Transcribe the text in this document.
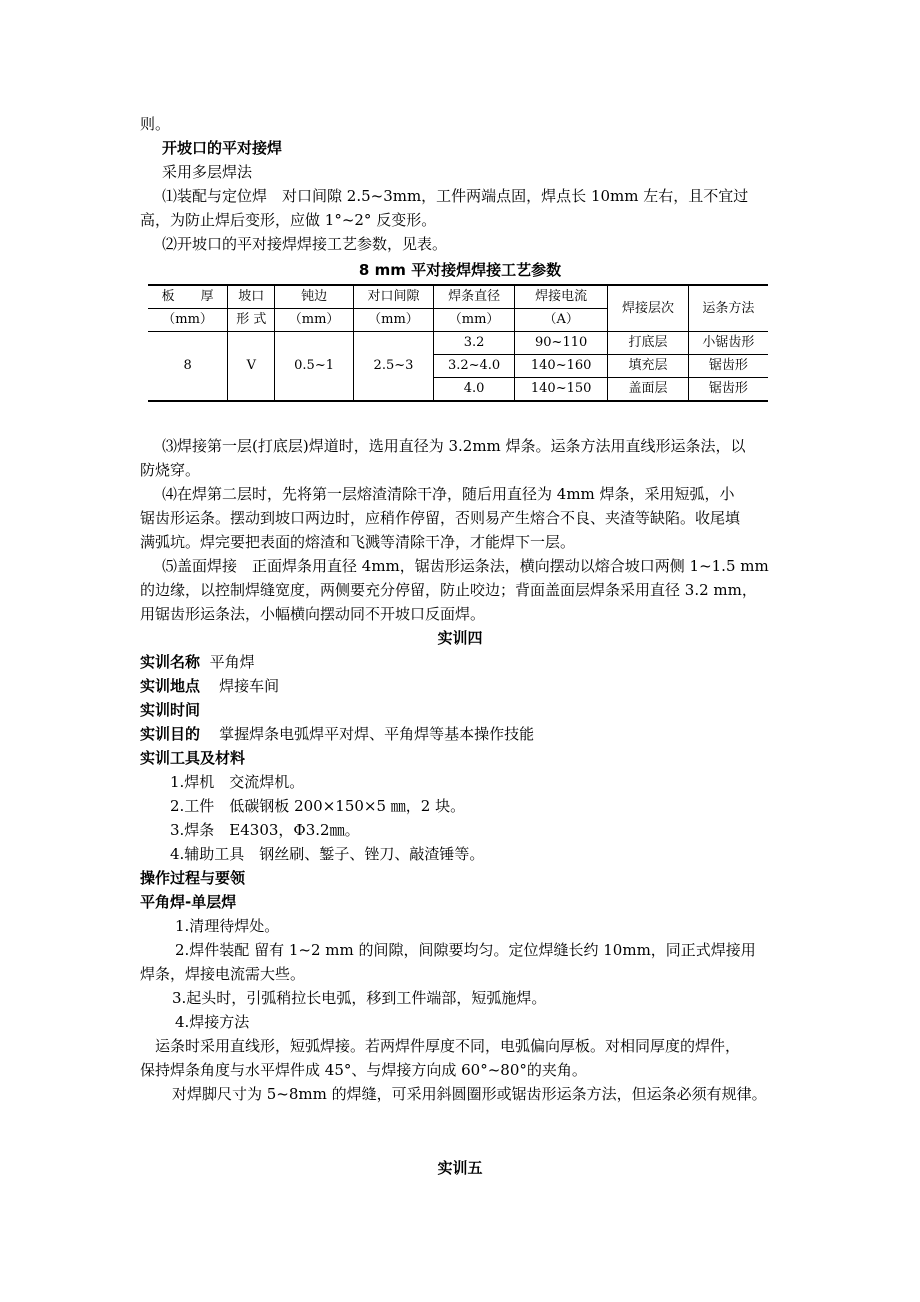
则。
开坡口的平对接焊
采用多层焊法
⑴装配与定位焊　对口间隙 2.5~3mm，工件两端点固，焊点长 10mm 左右，且不宜过
高，为防止焊后变形，应做 1°~2° 反变形。
⑵开坡口的平对接焊焊接工艺参数，见表。
8 mm 平对接焊焊接工艺参数
板　　厚	坡口	钝边	对口间隙	焊条直径	焊接电流	焊接层次	运条方法
（mm）	形 式	（mm）	（mm）	（mm）	（A）		
8	V	0.5~1	2.5~3	3.2	90~110	打底层	小锯齿形
				3.2~4.0	140~160	填充层	锯齿形
				4.0	140~150	盖面层	锯齿形
⑶焊接第一层(打底层)焊道时，选用直径为 3.2mm 焊条。运条方法用直线形运条法，以
防烧穿。
⑷在焊第二层时，先将第一层熔渣清除干净，随后用直径为 4mm 焊条，采用短弧，小
锯齿形运条。摆动到坡口两边时，应稍作停留，否则易产生熔合不良、夹渣等缺陷。收尾填
满弧坑。焊完要把表面的熔渣和飞溅等清除干净，才能焊下一层。
⑸盖面焊接　正面焊条用直径 4mm，锯齿形运条法，横向摆动以熔合坡口两侧 1~1.5 mm
的边缘，以控制焊缝宽度，两侧要充分停留，防止咬边；背面盖面层焊条采用直径 3.2 mm，
用锯齿形运条法，小幅横向摆动同不开坡口反面焊。
实训四
实训名称 平角焊
实训地点 焊接车间
实训时间
实训目的 掌握焊条电弧焊平对焊、平角焊等基本操作技能
实训工具及材料
1.焊机　交流焊机。
2.工件　低碳钢板 200×150×5 ㎜，2 块。
3.焊条　E4303，Φ3.2㎜。
4.辅助工具　钢丝刷、錾子、锉刀、敲渣锤等。
操作过程与要领
平角焊-单层焊
1.清理待焊处。
2.焊件装配 留有 1~2 mm 的间隙，间隙要均匀。定位焊缝长约 10mm，同正式焊接用
焊条，焊接电流需大些。
3.起头时，引弧稍拉长电弧，移到工件端部，短弧施焊。
4.焊接方法
运条时采用直线形，短弧焊接。若两焊件厚度不同，电弧偏向厚板。对相同厚度的焊件，
保持焊条角度与水平焊件成 45°、与焊接方向成 60°~80°的夹角。
对焊脚尺寸为 5~8mm 的焊缝，可采用斜圆圈形或锯齿形运条方法，但运条必须有规律。
实训五
